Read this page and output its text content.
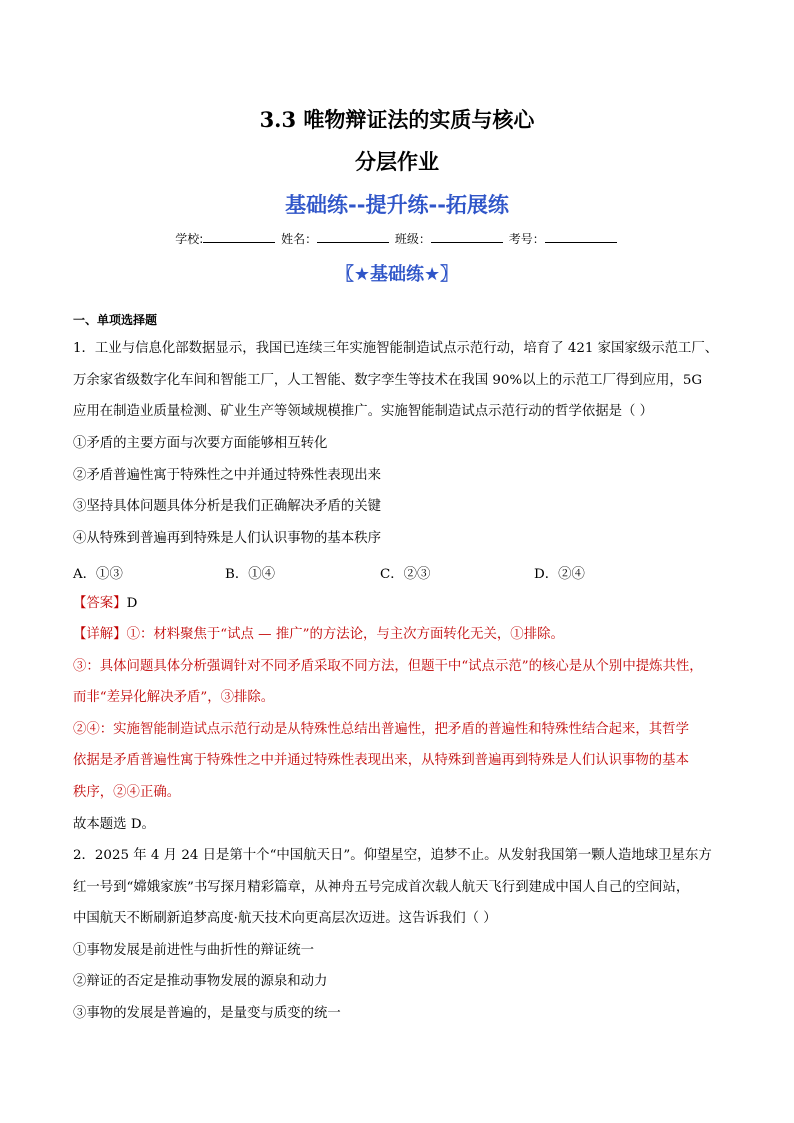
3.3 唯物辩证法的实质与核心
分层作业
基础练--提升练--拓展练
学校:	姓名：	班级：	考号：
〖★基础练★〗
一、单项选择题
1．工业与信息化部数据显示，我国已连续三年实施智能制造试点示范行动，培育了 421 家国家级示范工厂、
万余家省级数字化车间和智能工厂，人工智能、数字孪生等技术在我国 90%以上的示范工厂得到应用，5G
应用在制造业质量检测、矿业生产等领域规模推广。实施智能制造试点示范行动的哲学依据是（ ）
①矛盾的主要方面与次要方面能够相互转化
②矛盾普遍性寓于特殊性之中并通过特殊性表现出来
③坚持具体问题具体分析是我们正确解决矛盾的关键
④从特殊到普遍再到特殊是人们认识事物的基本秩序
A．①③	B．①④	C．②③	D．②④
【答案】D
【详解】①：材料聚焦于“试点 — 推广”的方法论，与主次方面转化无关，①排除。
③：具体问题具体分析强调针对不同矛盾采取不同方法，但题干中“试点示范”的核心是从个别中提炼共性，
而非“差异化解决矛盾”，③排除。
②④：实施智能制造试点示范行动是从特殊性总结出普遍性，把矛盾的普遍性和特殊性结合起来，其哲学
依据是矛盾普遍性寓于特殊性之中并通过特殊性表现出来，从特殊到普遍再到特殊是人们认识事物的基本
秩序，②④正确。
故本题选 D。
2．2025 年 4 月 24 日是第十个“中国航天日”。仰望星空，追梦不止。从发射我国第一颗人造地球卫星东方
红一号到“嫦娥家族”书写探月精彩篇章，从神舟五号完成首次载人航天飞行到建成中国人自己的空间站，
中国航天不断刷新追梦高度·航天技术向更高层次迈进。这告诉我们（ ）
①事物发展是前进性与曲折性的辩证统一
②辩证的否定是推动事物发展的源泉和动力
③事物的发展是普遍的，是量变与质变的统一
